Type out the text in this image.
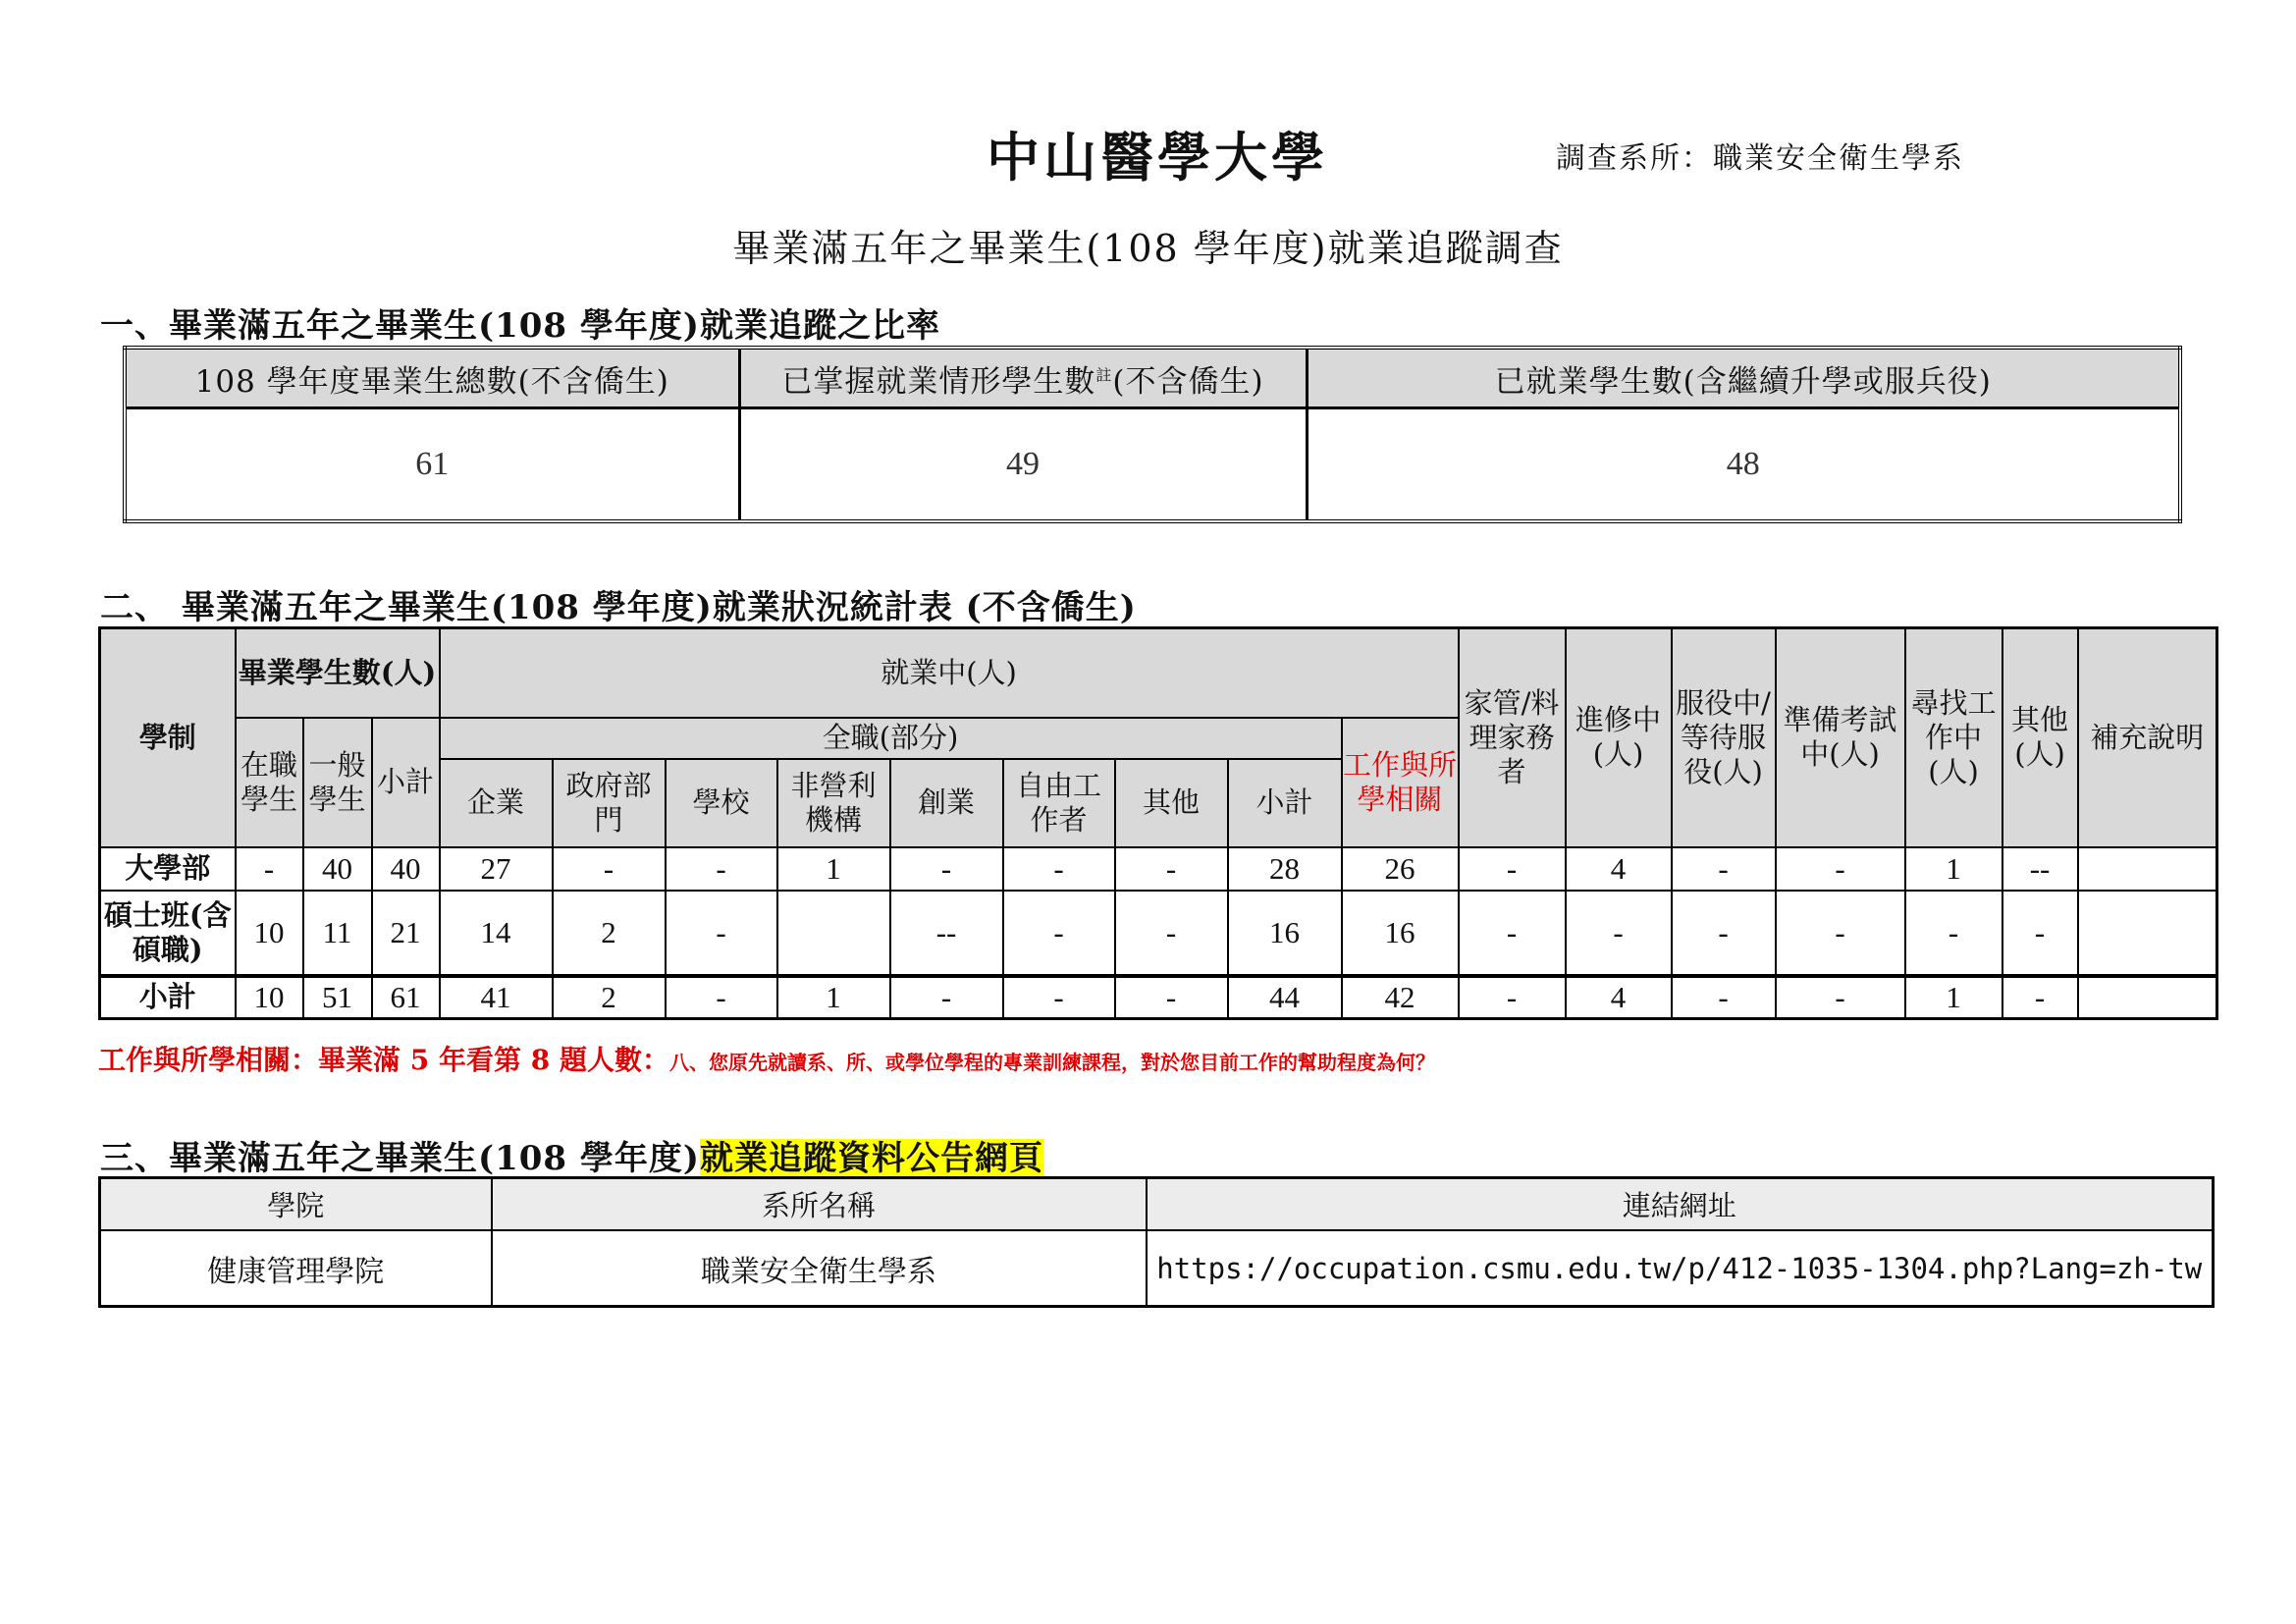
中山醫學大學	調查系所：職業安全衛生學系
畢業滿五年之畢業生(108 學年度)就業追蹤調查
一、畢業滿五年之畢業生(108 學年度)就業追蹤之比率
108 學年度畢業生總數(不含僑生)	已掌握就業情形學生數$^註$(不含僑生)	已就業學生數(含繼續升學或服兵役)
61	49	48
二、 畢業滿五年之畢業生(108 學年度)就業狀況統計表 (不含僑生)
學制	畢業學生數(人)			就業中(人)									家管/料理家務者	進修中(人)	服役中/等待服役(人)	準備考試中(人)	尋找工作中(人)	其他(人)	補充說明
	在職學生	一般學生	小計	全職(部分)								工作與所學相關							
				企業	政府部門	學校	非營利機構	創業	自由工作者	其他	小計								
大學部	-	40	40	27	-	-	1	-	-	-	28	26	-	4	-	-	1	--	
碩士班(含碩職)	10	11	21	14	2	-		--	-	-	16	16	-	-	-	-	-	-	
小計	10	51	61	41	2	-	1	-	-	-	44	42	-	4	-	-	1	-	
工作與所學相關：畢業滿 5 年看第 8 題人數：八、您原先就讀系、所、或學位學程的專業訓練課程，對於您目前工作的幫助程度為何？
三、畢業滿五年之畢業生(108 學年度)就業追蹤資料公告網頁
學院	系所名稱	連結網址
健康管理學院	職業安全衛生學系	https://occupation.csmu.edu.tw/p/412-1035-1304.php?Lang=zh-tw
